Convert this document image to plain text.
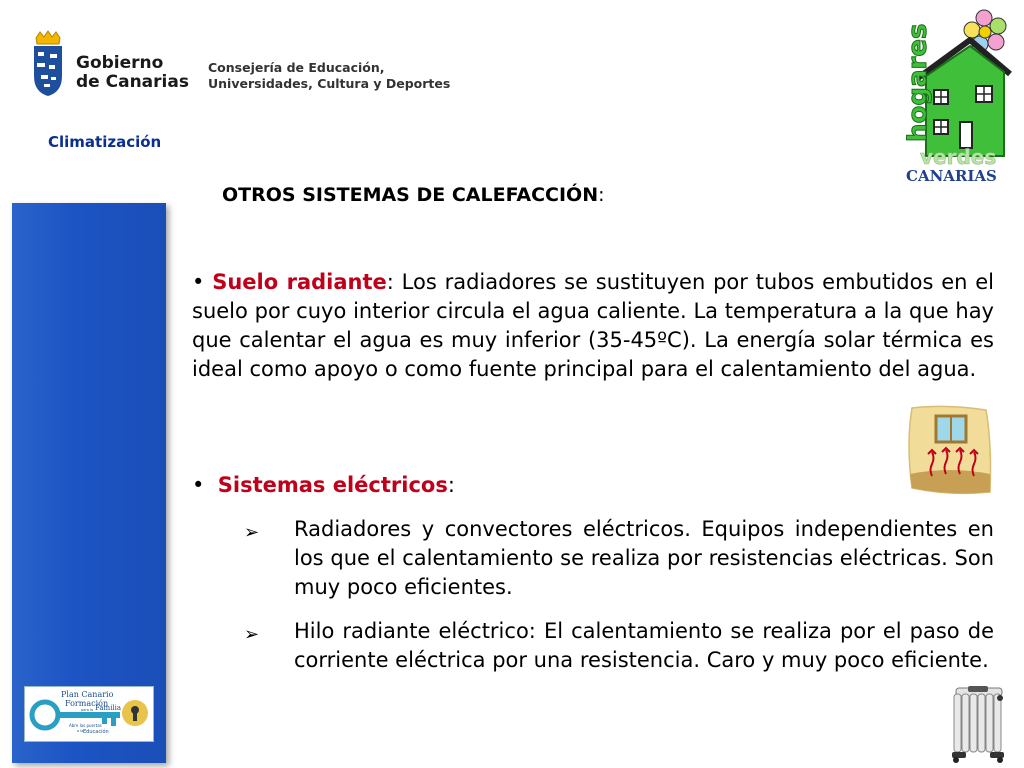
Gobierno
de Canarias
Consejería de Educación,
Universidades, Cultura y Deportes
Climatización	hogares
verdes
CANARIAS
Plan Canario
Formación
para la Familia
Abre las puertas
a la Educación
OTROS SISTEMAS DE CALEFACCIÓN:
• Suelo radiante: Los radiadores se sustituyen por tubos embutidos en el suelo por cuyo interior circula el agua caliente. La temperatura a la que hay que calentar el agua es muy inferior (35-45ºC). La energía solar térmica es ideal como apoyo o como fuente principal para el calentamiento del agua.
• Sistemas eléctricos:
➢	Radiadores y convectores eléctricos. Equipos independientes en los que el calentamiento se realiza por resistencias eléctricas. Son muy poco eficientes.
➢	Hilo radiante eléctrico: El calentamiento se realiza por el paso de corriente eléctrica por una resistencia. Caro y muy poco eficiente.
